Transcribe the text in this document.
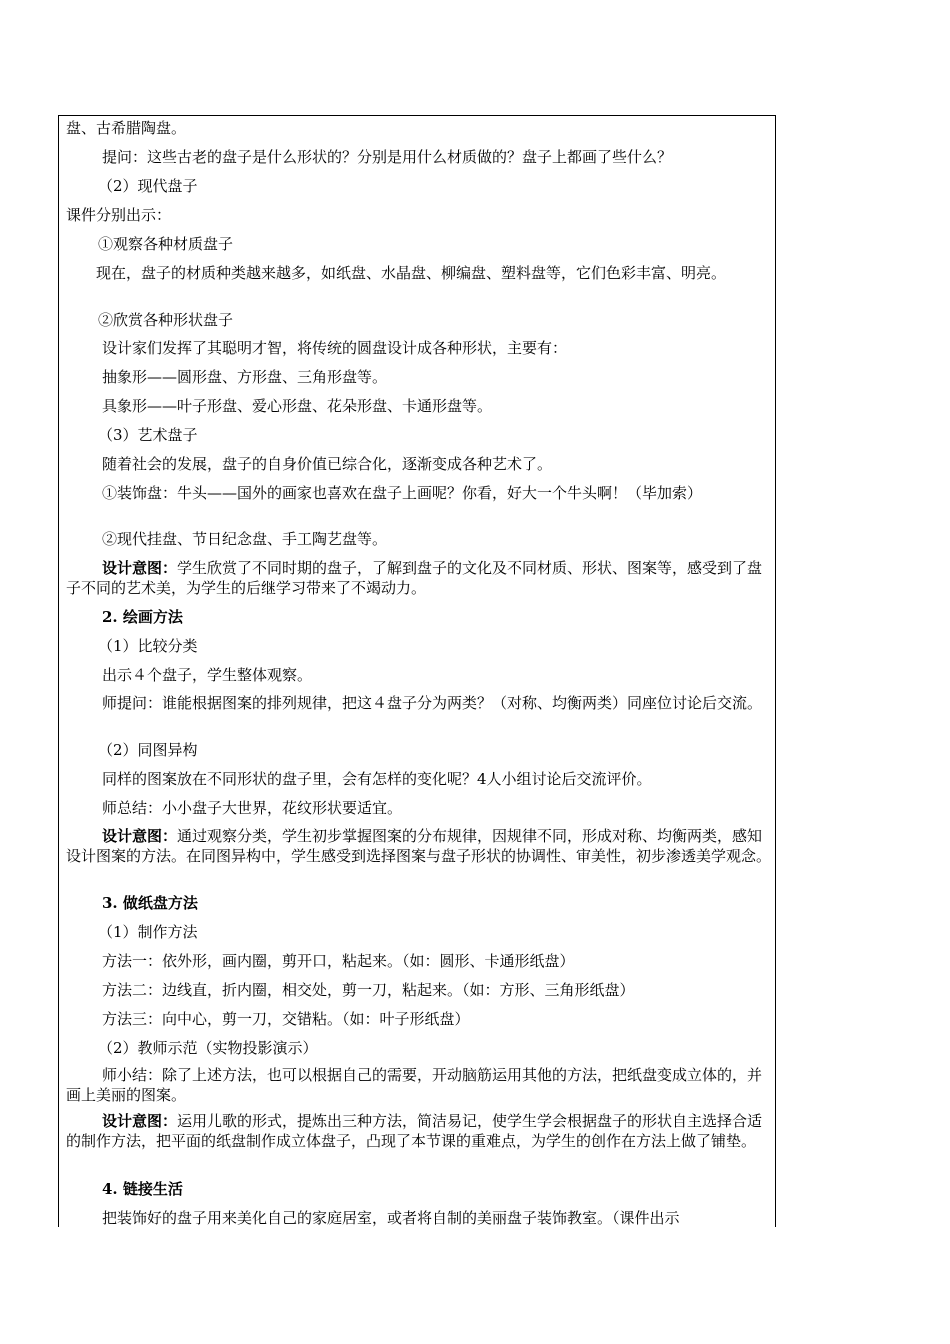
盘、古希腊陶盘。

提问：这些古老的盘子是什么形状的？分别是用什么材质做的？盘子上都画了些什么？

（2）现代盘子

课件分别出示：

①观察各种材质盘子

现在，盘子的材质种类越来越多，如纸盘、水晶盘、柳编盘、塑料盘等，它们色彩丰富、明亮。

②欣赏各种形状盘子

设计家们发挥了其聪明才智，将传统的圆盘设计成各种形状，主要有：

抽象形——圆形盘、方形盘、三角形盘等。

具象形——叶子形盘、爱心形盘、花朵形盘、卡通形盘等。

（3）艺术盘子

随着社会的发展，盘子的自身价值已综合化，逐渐变成各种艺术了。

①装饰盘：牛头——国外的画家也喜欢在盘子上画呢？你看，好大一个牛头啊！（毕加索）

②现代挂盘、节日纪念盘、手工陶艺盘等。

设计意图：学生欣赏了不同时期的盘子，了解到盘子的文化及不同材质、形状、图案等，感受到了盘子不同的艺术美，为学生的后继学习带来了不竭动力。

2. 绘画方法

（1）比较分类

出示４个盘子，学生整体观察。

师提问：谁能根据图案的排列规律，把这４盘子分为两类？（对称、均衡两类）同座位讨论后交流。

（2）同图异构

同样的图案放在不同形状的盘子里，会有怎样的变化呢？4人小组讨论后交流评价。

师总结：小小盘子大世界，花纹形状要适宜。

设计意图：通过观察分类，学生初步掌握图案的分布规律，因规律不同，形成对称、均衡两类，感知设计图案的方法。在同图异构中，学生感受到选择图案与盘子形状的协调性、审美性，初步渗透美学观念。

3. 做纸盘方法

（1）制作方法

方法一：依外形，画内圈，剪开口，粘起来。（如：圆形、卡通形纸盘）

方法二：边线直，折内圈，相交处，剪一刀，粘起来。（如：方形、三角形纸盘）

方法三：向中心，剪一刀，交错粘。（如：叶子形纸盘）

（2）教师示范（实物投影演示）

师小结：除了上述方法，也可以根据自己的需要，开动脑筋运用其他的方法，把纸盘变成立体的，并画上美丽的图案。

设计意图：运用儿歌的形式，提炼出三种方法，简洁易记，使学生学会根据盘子的形状自主选择合适的制作方法，把平面的纸盘制作成立体盘子，凸现了本节课的重难点，为学生的创作在方法上做了铺垫。

4. 链接生活

把装饰好的盘子用来美化自己的家庭居室，或者将自制的美丽盘子装饰教室。（课件出示
